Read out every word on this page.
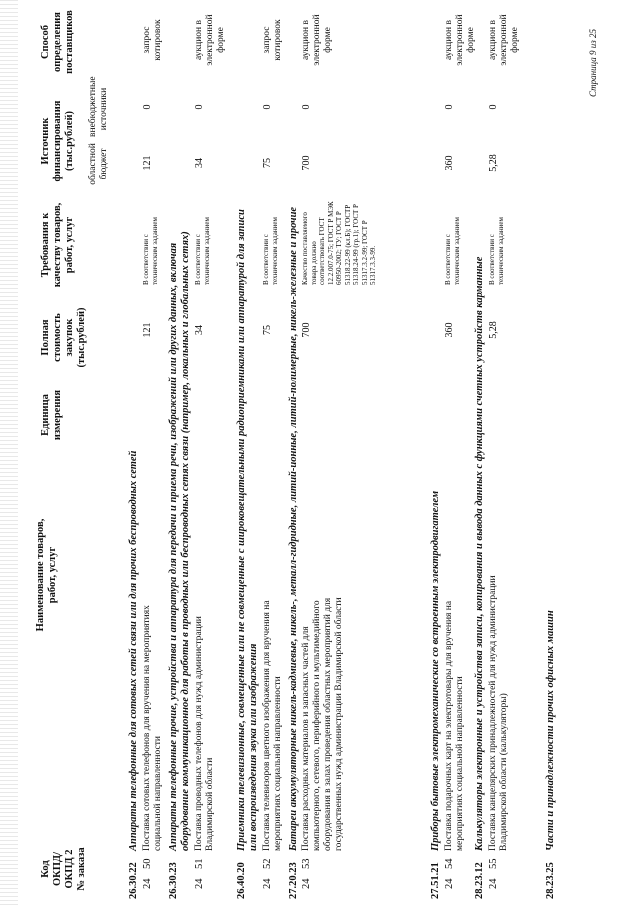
Код ОКПД/ ОКПД 2 № заказа
Наименование товаров, работ, услуг
Единица измерения
Полная стоимость закупок (тыс.рублей)
Требования к качеству товаров, работ, услуг
Источник финансирования (тыс.рублей) областной бюджет
внебюджетные источники
Способ определения поставщиков
26.30.22
Аппараты телефонные для сотовых сетей связи или для прочих беспроводных сетей
24
50
Поставка сотовых телефонов для вручения на мероприятиях социальной направленности
121
В соответствии с техническим заданием
121
0
запрос котировок
26.30.23
Аппараты телефонные прочие, устройства и аппаратура для передачи и приема речи, изображений или других данных, включая оборудование коммуникационное для работы в проводных или беспроводных сетях связи (например, локальных и глобальных сетях)
24
51
Поставка проводных телефонов для нужд администрации Владимирской области
34
В соответствии с техническим заданием
34
0
аукцион в электронной форме
26.40.20
Приемники телевизионные, совмещенные или не совмещенные с широковещательными радиоприемниками или аппаратурой для записи или воспроизведения звука или изображения
24
52
Поставка телевизоров цветного изображения для вручения на мероприятиях социальной направленности
75
В соответствии с техническим заданием
75
0
запрос котировок
27.20.23
Батареи аккумуляторные никель-кадмиевые, никель-, металл-гидридные, литий-ионные, литий-полимерные, никель-железные и прочие
24
53
Поставка расходных материалов и запасных частей для компьютерного, сетевого, периферийного и мультимедийного оборудования в залах проведения областных мероприятий для государственных нужд администрации Владимирской области
700
Качество поставляемого товара должно соответствовать ГОСТ 12.2.007.0-75; ГОСТ Р МЭК 60950-2002; ТУ; ГОСТ Р 51318.22-99 (кл.Б); ГОСТР 51318.24-99 (гр.1); ГОСТ Р 51317.3.2-99; ГОСТ Р 51317.3.3-99.
700
0
аукцион в электронной форме
27.51.21
Приборы бытовые электромеханические со встроенным электродвигателем
24
54
Поставка подарочных карт на электротовары для вручения на мероприятиях социальной направленности
360
В соответствии с техническим заданием
360
0
аукцион в электронной форме
28.23.12
Калькуляторы электронные и устройства записи, копирования и вывода данных с функциями счетных устройств карманные
24
55
Поставка канцелярских принадлежностей для нужд администрации Владимирской области (калькуляторы)
5,28
В соответствии с техническим заданием
5,28
0
аукцион в электронной форме
28.23.25
Части и принадлежности прочих офисных машин
Страница 9 из 25
